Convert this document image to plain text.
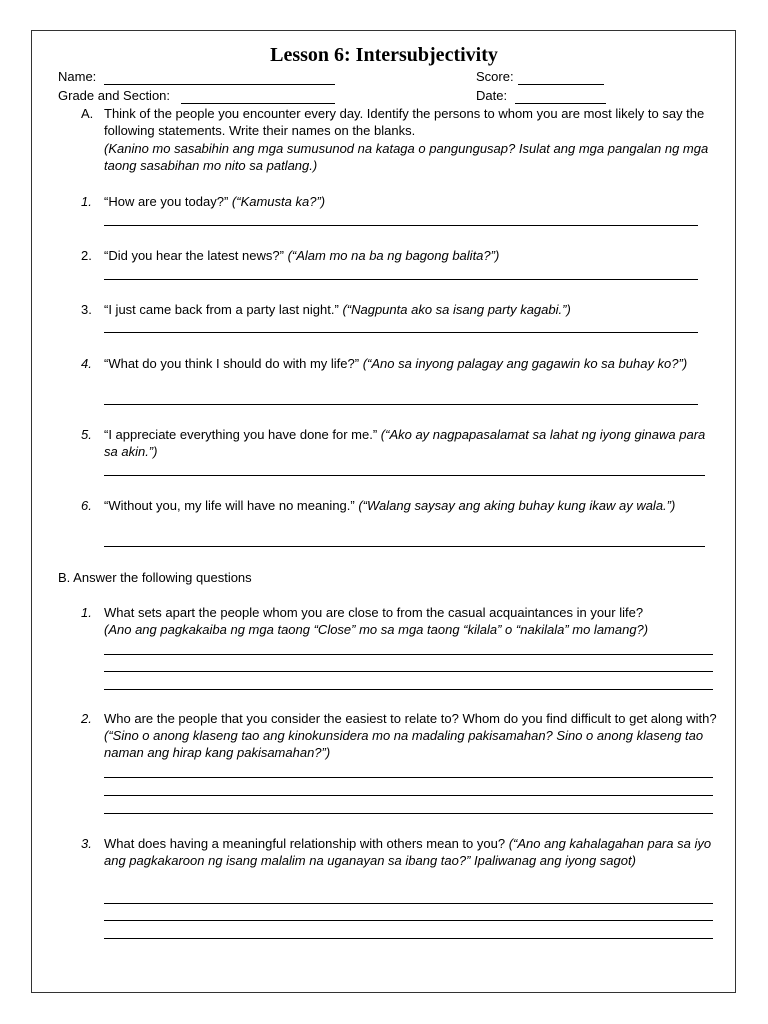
Lesson 6: Intersubjectivity
Name:
Grade and Section:
Score:
Date:
A. Think of the people you encounter every day. Identify the persons to whom you are most likely to say the following statements. Write their names on the blanks.
(Kanino mo sasabihin ang mga sumusunod na kataga o pangungusap? Isulat ang mga pangalan ng mga taong sasabihan mo nito sa patlang.)
1. “How are you today?” (“Kamusta ka?”)
2. “Did you hear the latest news?” (“Alam mo na ba ng bagong balita?”)
3. “I just came back from a party last night.” (“Nagpunta ako sa isang party kagabi.”)
4. “What do you think I should do with my life?” (“Ano sa inyong palagay ang gagawin ko sa buhay ko?”)
5. “I appreciate everything you have done for me.” (“Ako ay nagpapasalamat sa lahat ng iyong ginawa para sa akin.”)
6. “Without you, my life will have no meaning.” (“Walang saysay ang aking buhay kung ikaw ay wala.”)
B. Answer the following questions
1. What sets apart the people whom you are close to from the casual acquaintances in your life?
(Ano ang pagkakaiba ng mga taong “Close” mo sa mga taong “kilala” o “nakilala” mo lamang?)
2. Who are the people that you consider the easiest to relate to? Whom do you find difficult to get along with? (“Sino o anong klaseng tao ang kinokunsidera mo na madaling pakisamahan? Sino o anong klaseng tao naman ang hirap kang pakisamahan?”)
3. What does having a meaningful relationship with others mean to you? (“Ano ang kahalagahan para sa iyo ang pagkakaroon ng isang malalim na uganayan sa ibang tao?” Ipaliwanag ang iyong sagot)
